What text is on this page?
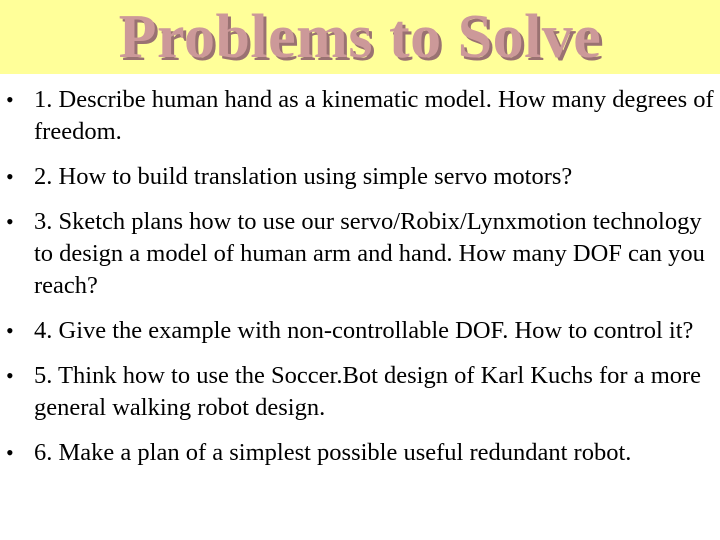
Problems to Solve
• 1. Describe human hand as a kinematic model. How many degrees of freedom.
• 2. How to build translation using simple servo motors?
• 3. Sketch plans how to use our servo/Robix/Lynxmotion technology to design a model of human arm and hand. How many DOF can you reach?
• 4. Give the example with non-controllable DOF. How to control it?
• 5. Think how to use the Soccer.Bot design of Karl Kuchs for a more general walking robot design.
• 6. Make a plan of a simplest possible useful redundant robot.
